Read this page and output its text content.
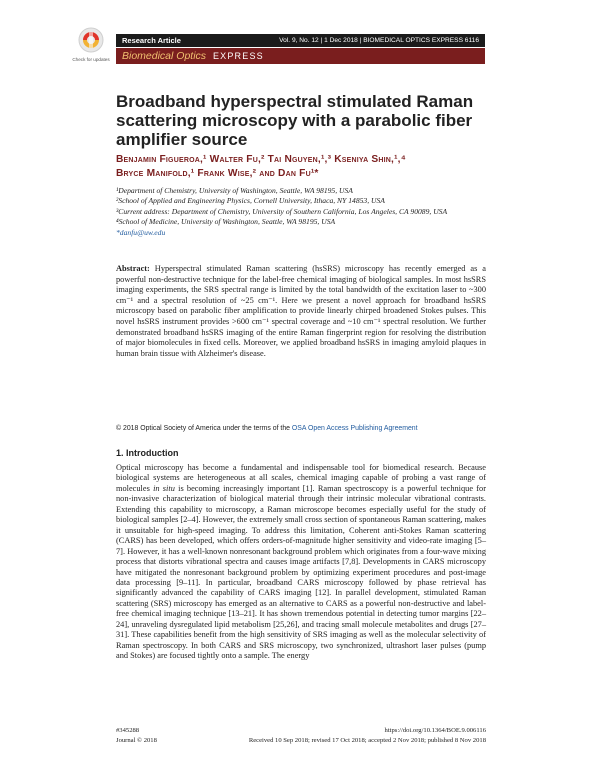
Check for updates
Research Article	Vol. 9, No. 12 | 1 Dec 2018 | BIOMEDICAL OPTICS EXPRESS 6116
Biomedical Optics EXPRESS
Broadband hyperspectral stimulated Raman scattering microscopy with a parabolic fiber amplifier source
Benjamin Figueroa,¹ Walter Fu,² Tai Nguyen,¹,³ Kseniya Shin,¹,⁴
Bryce Manifold,¹ Frank Wise,² and Dan Fu¹*
¹Department of Chemistry, University of Washington, Seattle, WA 98195, USA
²School of Applied and Engineering Physics, Cornell University, Ithaca, NY 14853, USA
³Current address: Department of Chemistry, University of Southern California, Los Angeles, CA 90089, USA
⁴School of Medicine, University of Washington, Seattle, WA 98195, USA
*danfu@uw.edu
Abstract: Hyperspectral stimulated Raman scattering (hsSRS) microscopy has recently emerged as a powerful non-destructive technique for the label-free chemical imaging of biological samples. In most hsSRS imaging experiments, the SRS spectral range is limited by the total bandwidth of the excitation laser to ~300 cm⁻¹ and a spectral resolution of ~25 cm⁻¹. Here we present a novel approach for broadband hsSRS microscopy based on parabolic fiber amplification to provide linearly chirped broadened Stokes pulses. This novel hsSRS instrument provides >600 cm⁻¹ spectral coverage and ~10 cm⁻¹ spectral resolution. We further demonstrated broadband hsSRS imaging of the entire Raman fingerprint region for resolving the distribution of major biomolecules in fixed cells. Moreover, we applied broadband hsSRS in imaging amyloid plaques in human brain tissue with Alzheimer's disease.
© 2018 Optical Society of America under the terms of the OSA Open Access Publishing Agreement
1. Introduction
Optical microscopy has become a fundamental and indispensable tool for biomedical research. Because biological systems are heterogeneous at all scales, chemical imaging capable of probing a vast range of molecules in situ is becoming increasingly important [1]. Raman spectroscopy is a powerful technique for non-invasive characterization of biological material through their intrinsic molecular vibrational contrasts. Extending this capability to microscopy, a Raman microscope becomes especially useful for the study of biological samples [2–4]. However, the extremely small cross section of spontaneous Raman scattering, makes it unsuitable for high-speed imaging. To address this limitation, Coherent anti-Stokes Raman scattering (CARS) has been developed, which offers orders-of-magnitude higher sensitivity and video-rate imaging [5–7]. However, it has a well-known nonresonant background problem which originates from a four-wave mixing process that distorts vibrational spectra and causes image artifacts [7,8]. Developments in CARS microscopy have mitigated the nonresonant background problem by optimizing experiment procedures and post-image data processing [9–11]. In particular, broadband CARS microscopy followed by phase retrieval has significantly advanced the capability of CARS imaging [12]. In parallel development, stimulated Raman scattering (SRS) microscopy has emerged as an alternative to CARS as a powerful non-destructive and label-free chemical imaging technique [13–21]. It has shown tremendous potential in detecting tumor margins [22–24], unraveling dysregulated lipid metabolism [25,26], and tracing small molecule metabolites and drugs [27–31]. These capabilities benefit from the high sensitivity of SRS imaging as well as the molecular selectivity of Raman spectroscopy. In both CARS and SRS microscopy, two synchronized, ultrashort laser pulses (pump and Stokes) are focused tightly onto a sample. The energy
#345288
Journal © 2018
https://doi.org/10.1364/BOE.9.006116
Received 10 Sep 2018; revised 17 Oct 2018; accepted 2 Nov 2018; published 8 Nov 2018
